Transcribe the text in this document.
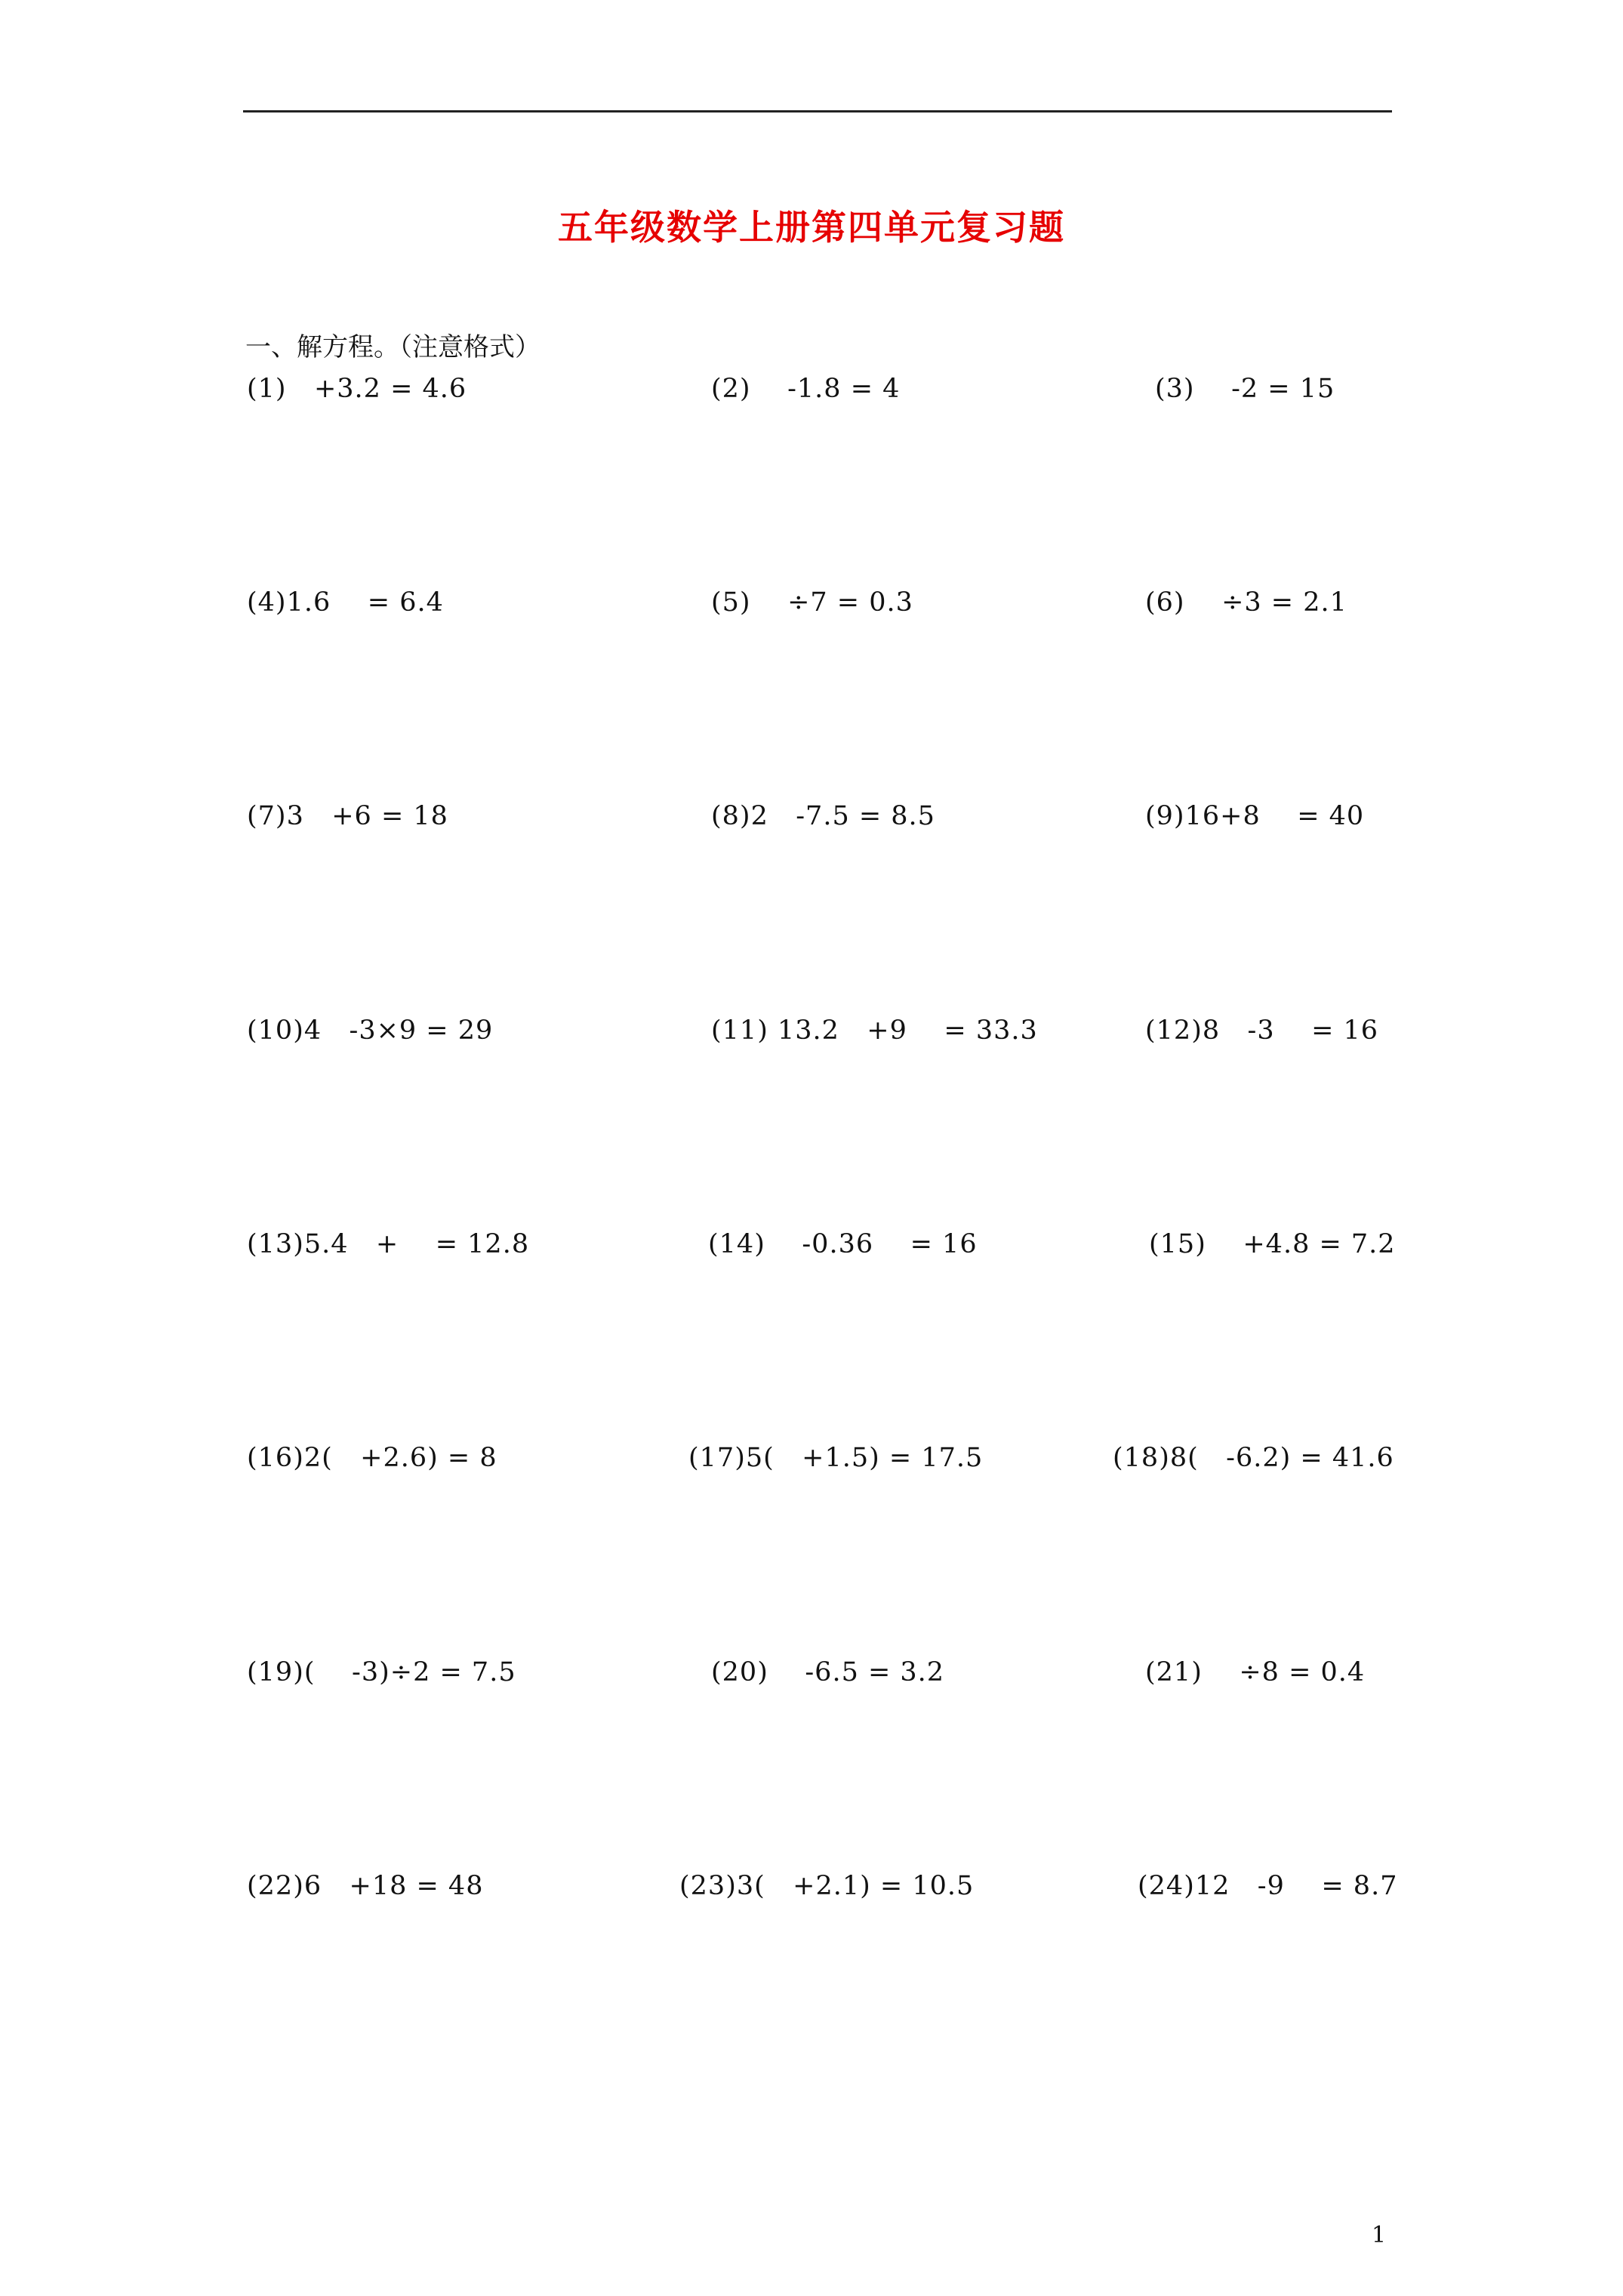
五年级数学上册第四单元复习题
一、解方程。（注意格式）
(1)   +3.2 = 4.6	(2)    -1.8 = 4	(3)    -2 = 15
(4)1.6    = 6.4	(5)    ÷7 = 0.3	(6)    ÷3 = 2.1
(7)3   +6 = 18	(8)2   -7.5 = 8.5	(9)16+8    = 40
(10)4   -3×9 = 29	(11) 13.2   +9    = 33.3	(12)8   -3    = 16
(13)5.4   +    = 12.8	(14)    -0.36    = 16	(15)    +4.8 = 7.2
(16)2(   +2.6) = 8	(17)5(   +1.5) = 17.5	(18)8(   -6.2) = 41.6
(19)(    -3)÷2 = 7.5	(20)    -6.5 = 3.2	(21)    ÷8 = 0.4
(22)6   +18 = 48	(23)3(   +2.1) = 10.5	(24)12   -9    = 8.7
1
